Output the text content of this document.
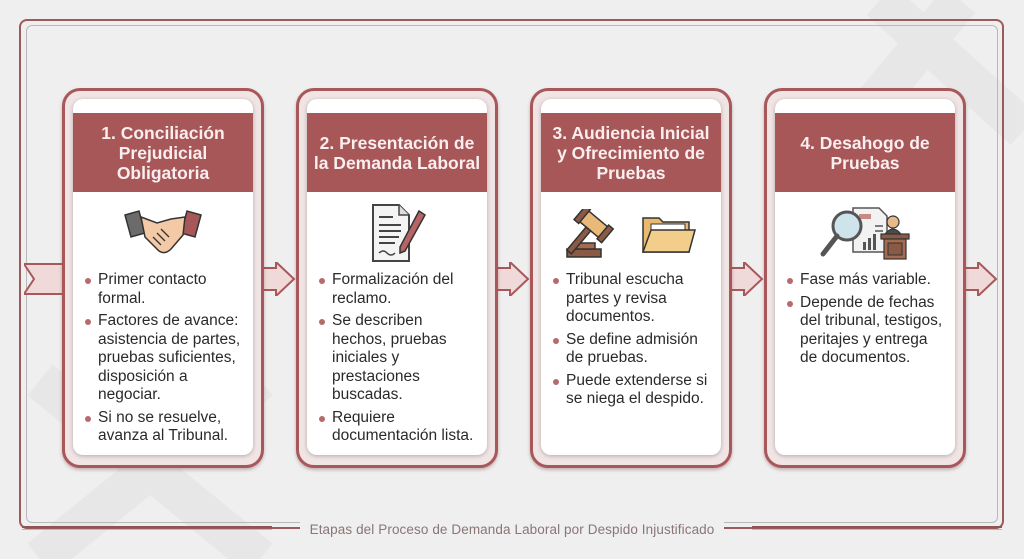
1. Conciliación Prejudicial Obligatoria
Primer contacto formal.
Factores de avance: asistencia de partes, pruebas suficientes, disposición a negociar.
Si no se resuelve, avanza al Tribunal.
2. Presentación de la Demanda Laboral
Formalización del reclamo.
Se describen hechos, pruebas iniciales y prestaciones buscadas.
Requiere documentación lista.
3. Audiencia Inicial y Ofrecimiento de Pruebas
Tribunal escucha partes y revisa documentos.
Se define admisión de pruebas.
Puede extenderse si se niega el despido.
4. Desahogo de Pruebas
Fase más variable.
Depende de fechas del tribunal, testigos, peritajes y entrega de documentos.
Etapas del Proceso de Demanda Laboral por Despido Injustificado
